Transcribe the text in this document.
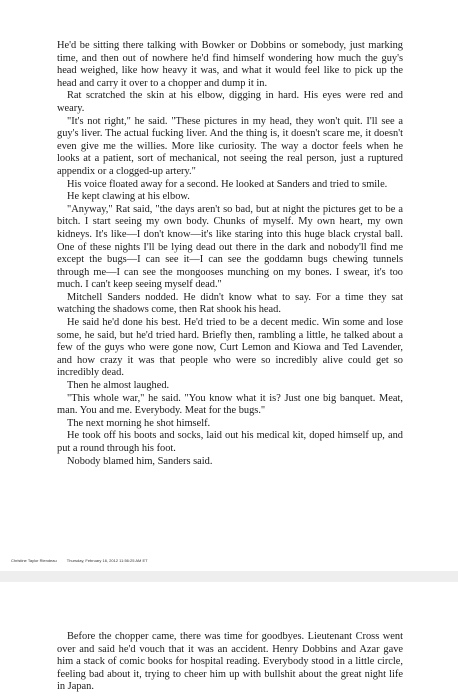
He'd be sitting there talking with Bowker or Dobbins or somebody, just marking time, and then out of nowhere he'd find himself wondering how much the guy's head weighed, like how heavy it was, and what it would feel like to pick up the head and carry it over to a chopper and dump it in.

Rat scratched the skin at his elbow, digging in hard. His eyes were red and weary.

"It's not right," he said. "These pictures in my head, they won't quit. I'll see a guy's liver. The actual fucking liver. And the thing is, it doesn't scare me, it doesn't even give me the willies. More like curiosity. The way a doctor feels when he looks at a patient, sort of mechanical, not seeing the real person, just a ruptured appendix or a clogged-up artery."

His voice floated away for a second. He looked at Sanders and tried to smile.

He kept clawing at his elbow.

"Anyway," Rat said, "the days aren't so bad, but at night the pictures get to be a bitch. I start seeing my own body. Chunks of myself. My own heart, my own kidneys. It's like—I don't know—it's like staring into this huge black crystal ball. One of these nights I'll be lying dead out there in the dark and nobody'll find me except the bugs—I can see it—I can see the goddamn bugs chewing tunnels through me—I can see the mongooses munching on my bones. I swear, it's too much. I can't keep seeing myself dead."

Mitchell Sanders nodded. He didn't know what to say. For a time they sat watching the shadows come, then Rat shook his head.

He said he'd done his best. He'd tried to be a decent medic. Win some and lose some, he said, but he'd tried hard. Briefly then, rambling a little, he talked about a few of the guys who were gone now, Curt Lemon and Kiowa and Ted Lavender, and how crazy it was that people who were so incredibly alive could get so incredibly dead.

Then he almost laughed.

"This whole war," he said. "You know what it is? Just one big banquet. Meat, man. You and me. Everybody. Meat for the bugs."

The next morning he shot himself.

He took off his boots and socks, laid out his medical kit, doped himself up, and put a round through his foot.

Nobody blamed him, Sanders said.

Christine Taylor Riendeau	Thursday, February 16, 2012 11:56:25 AM ET

Before the chopper came, there was time for goodbyes. Lieutenant Cross went over and said he'd vouch that it was an accident. Henry Dobbins and Azar gave him a stack of comic books for hospital reading. Everybody stood in a little circle, feeling bad about it, trying to cheer him up with bullshit about the great night life in Japan.
